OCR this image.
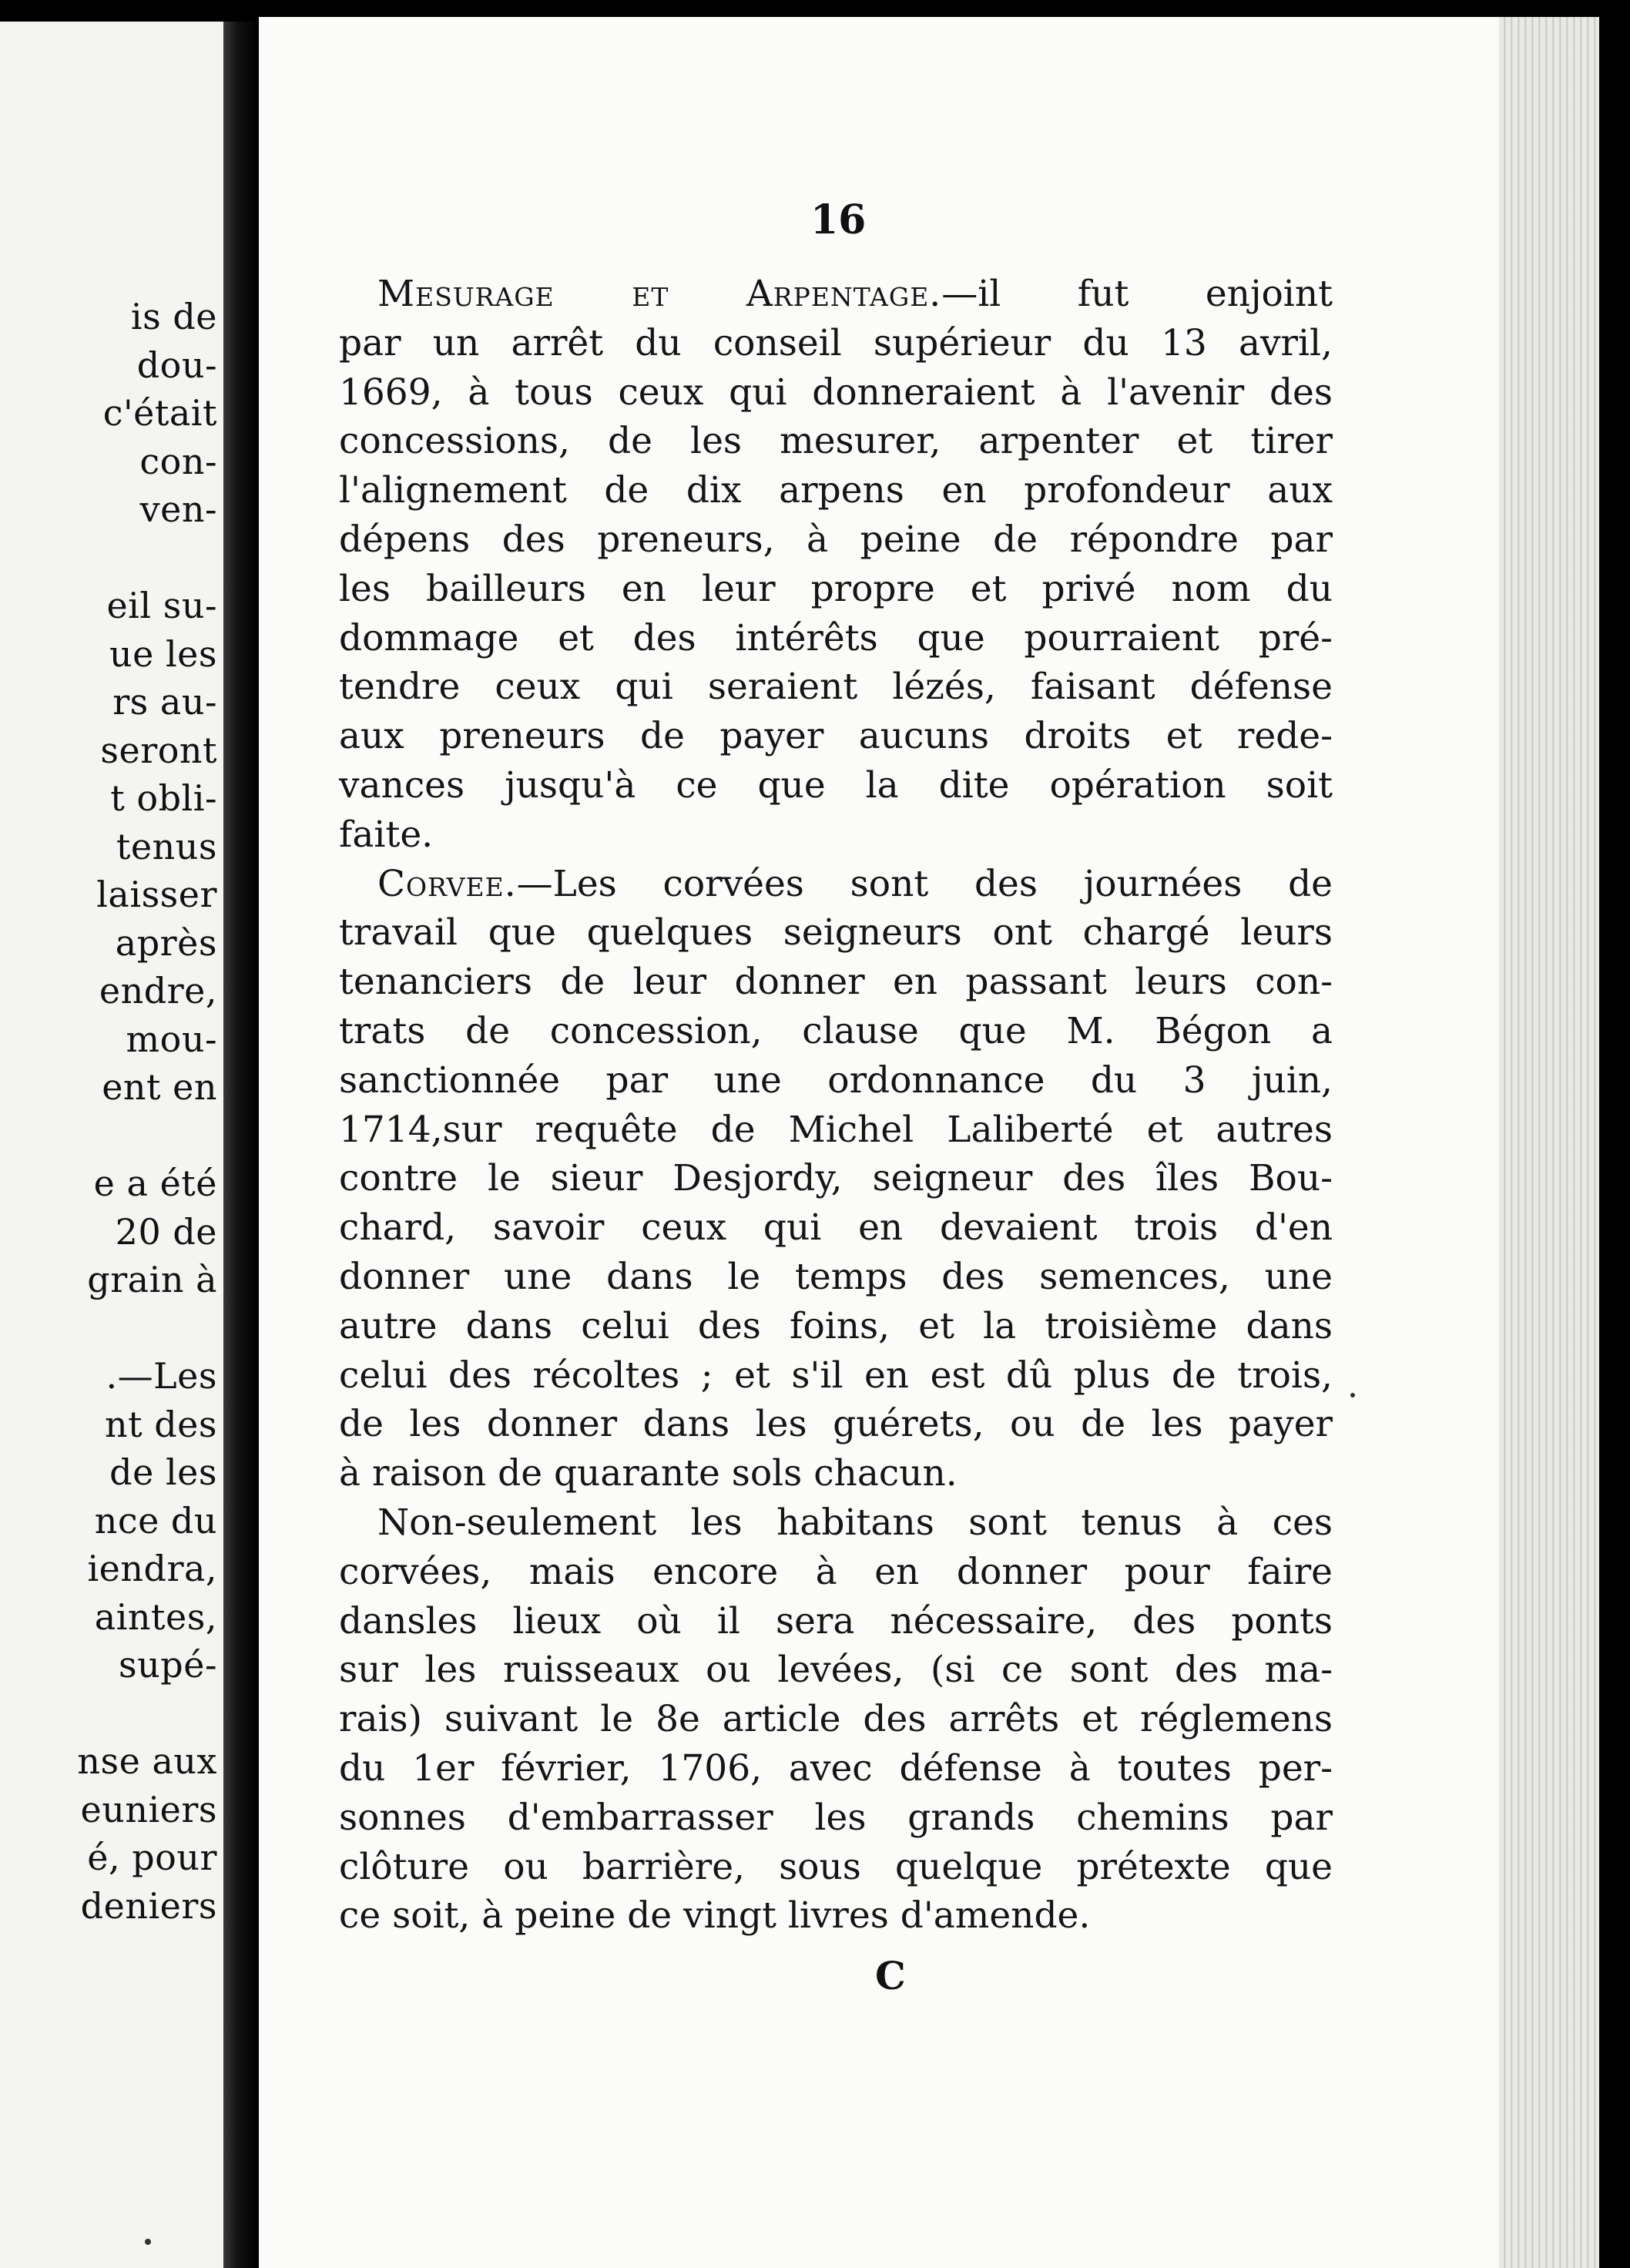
is de
dou-
c'était
con-
ven-
eil su-
ue les
rs au-
seront
t obli-
tenus
laisser
après
endre,
mou-
ent en
e a été
20 de
grain à
.—Les
nt des
de les
nce du
iendra,
aintes,
supé-
nse aux
euniers
é, pour
deniers
16
Mesurage et Arpentage.—il fut enjoint
par un arrêt du conseil supérieur du 13 avril,
1669, à tous ceux qui donneraient à l'avenir des
concessions, de les mesurer, arpenter et tirer
l'alignement de dix arpens en profondeur aux
dépens des preneurs, à peine de répondre par
les bailleurs en leur propre et privé nom du
dommage et des intérêts que pourraient pré-
tendre ceux qui seraient lézés, faisant défense
aux preneurs de payer aucuns droits et rede-
vances jusqu'à ce que la dite opération soit
faite.
Corvee.—Les corvées sont des journées de
travail que quelques seigneurs ont chargé leurs
tenanciers de leur donner en passant leurs con-
trats de concession, clause que M. Bégon a
sanctionnée par une ordonnance du 3 juin,
1714,sur requête de Michel Laliberté et autres
contre le sieur Desjordy, seigneur des îles Bou-
chard, savoir ceux qui en devaient trois d'en
donner une dans le temps des semences, une
autre dans celui des foins, et la troisième dans
celui des récoltes ; et s'il en est dû plus de trois,
de les donner dans les guérets, ou de les payer
à raison de quarante sols chacun.
Non-seulement les habitans sont tenus à ces
corvées, mais encore à en donner pour faire
dansles lieux où il sera nécessaire, des ponts
sur les ruisseaux ou levées, (si ce sont des ma-
rais) suivant le 8e article des arrêts et réglemens
du 1er février, 1706, avec défense à toutes per-
sonnes d'embarrasser les grands chemins par
clôture ou barrière, sous quelque prétexte que
ce soit, à peine de vingt livres d'amende.
C
